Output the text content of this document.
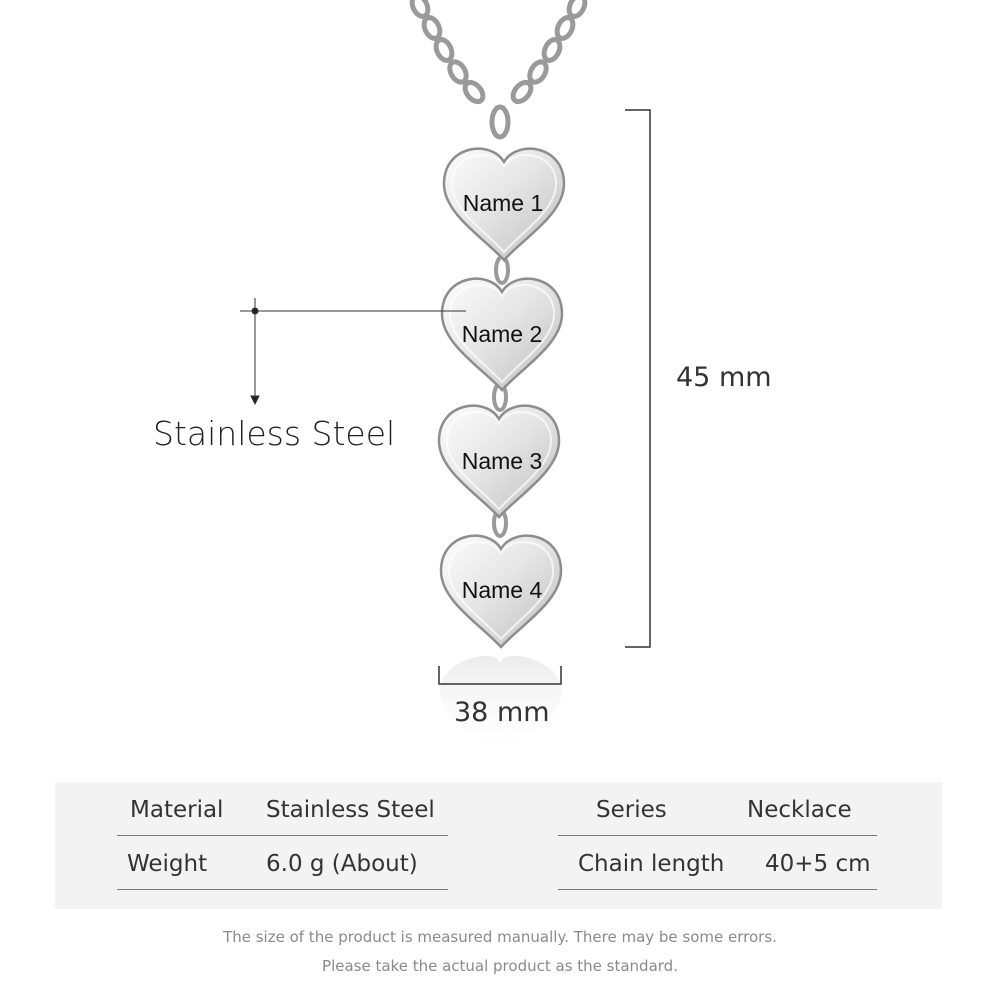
Name 1
Name 2
Name 3
Name 4
Stainless Steel
45 mm
38 mm
Material Stainless Steel
Weight	6.0 g (About)
Series	Necklace
Chain length 40+5 cm
The size of the product is measured manually. There may be some errors.
Please take the actual product as the standard.
